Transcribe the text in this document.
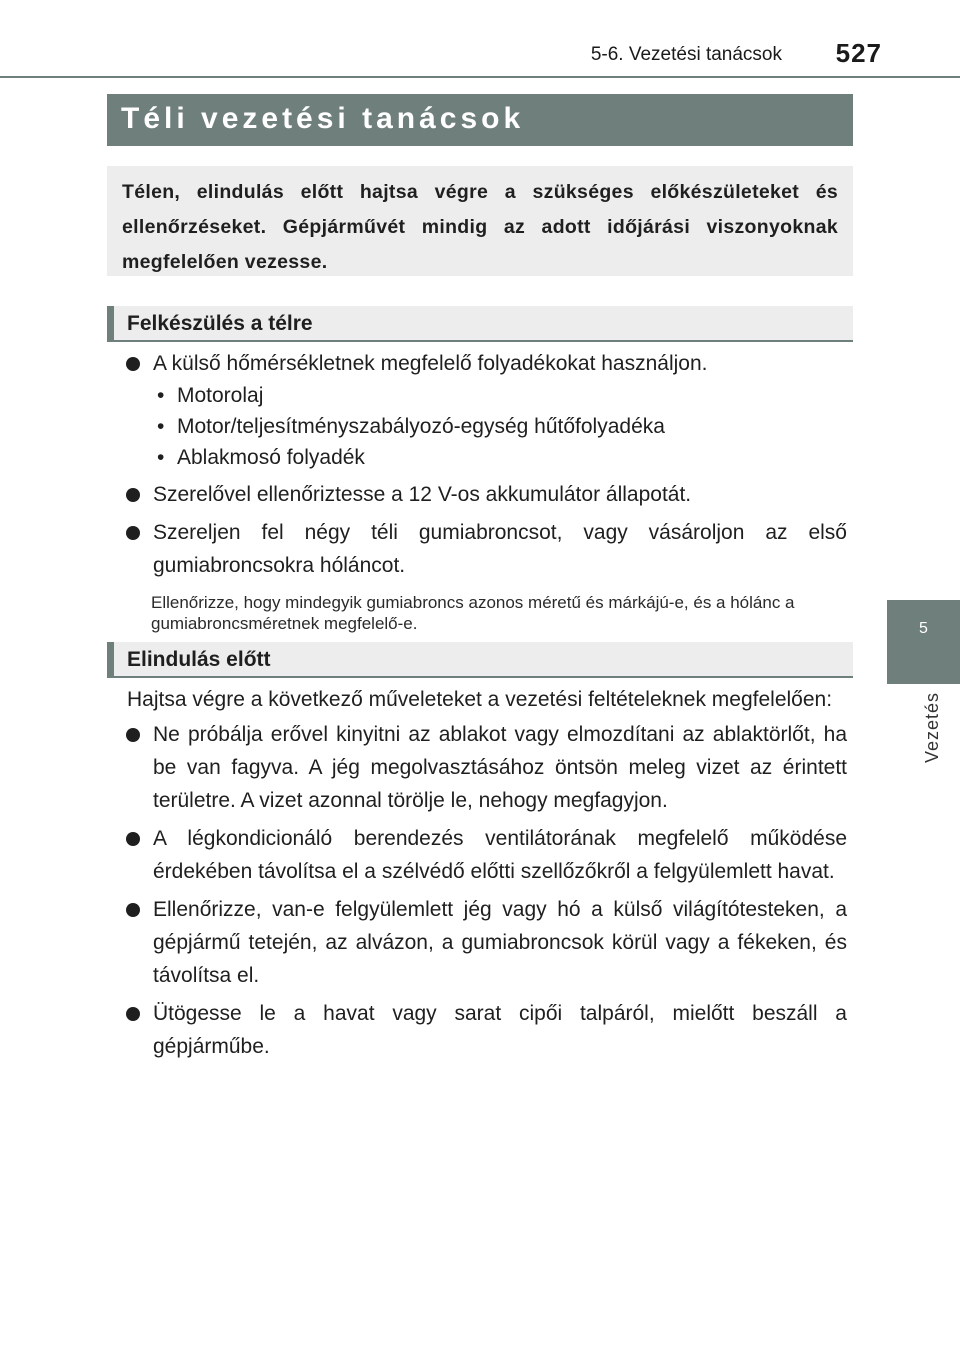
5-6. Vezetési tanácsok 527
5
Vezetés
Téli vezetési tanácsok

Télen, elindulás előtt hajtsa végre a szükséges előkészületeket és ellenőrzéseket. Gépjárművét mindig az adott időjárási viszonyoknak megfelelően vezesse.

Felkészülés a télre
A külső hőmérsékletnek megfelelő folyadékokat használjon.
• Motorolaj
• Motor/teljesítményszabályozó-egység hűtőfolyadéka
• Ablakmosó folyadék
Szerelővel ellenőriztesse a 12 V-os akkumulátor állapotát.
Szereljen fel négy téli gumiabroncsot, vagy vásároljon az első gumiabroncsokra hóláncot.
Ellenőrizze, hogy mindegyik gumiabroncs azonos méretű és márkájú-e, és a hólánc a gumiabroncsméretnek megfelelő-e.
Elindulás előtt
Hajtsa végre a következő műveleteket a vezetési feltételeknek megfelelően:
Ne próbálja erővel kinyitni az ablakot vagy elmozdítani az ablaktörlőt, ha be van fagyva. A jég megolvasztásához öntsön meleg vizet az érintett területre. A vizet azonnal törölje le, nehogy megfagyjon.
A légkondicionáló berendezés ventilátorának megfelelő működése érdekében távolítsa el a szélvédő előtti szellőzőkről a felgyülemlett havat.
Ellenőrizze, van-e felgyülemlett jég vagy hó a külső világítótesteken, a gépjármű tetején, az alvázon, a gumiabroncsok körül vagy a fékeken, és távolítsa el.
Ütögesse le a havat vagy sarat cipői talpáról, mielőtt beszáll a gépjárműbe.
